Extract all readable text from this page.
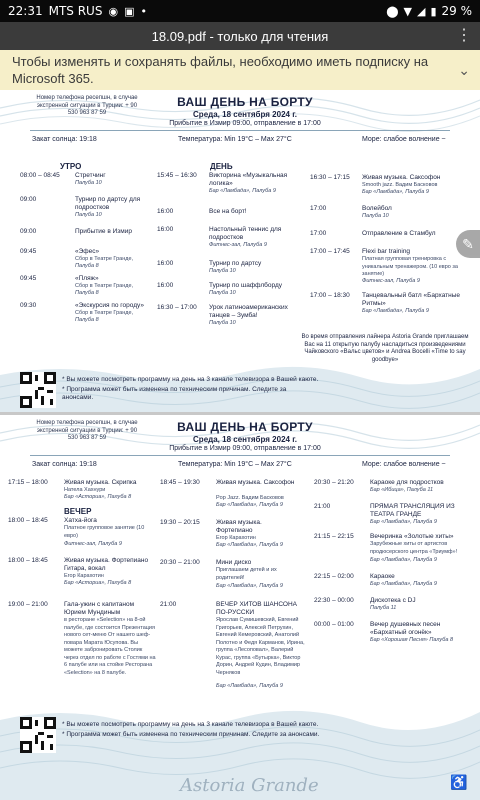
22:31 MTS RUS ◉ ▣ •	⬤ ▼ ◢ ▮ 29 %
18.09.pdf - только для чтения	⋮
Чтобы изменять и сохранять файлы, необходимо иметь подписку на Microsoft 365.
⌄
Номер телефона ресепшн, в случае экстренной ситуации в Турции: + 90 530 963 87 59
ВАШ ДЕНЬ НА БОРТУ
Среда, 18 сентября 2024 г.
Прибытие в Измир 09:00, отправление в 17:00
Закат солнца: 19:18	Температура: Min 19°C – Max 27°C	Море: слабое волнение ~
УТРО
08:00 – 08:45 Стретчинг
Палуба 10
09:00	Турнир по дартсу для подростков
Палуба 10
09:00	Прибытие в Измир
09:45	«Эфес»
Сбор в Театре Гранде,
Палуба 8
09:45	«Пляж»
Сбор в Театре Гранде,
Палуба 8
09:30	«Экскурсия по городу»
Сбор в Театре Гранде,
Палуба 8
ДЕНЬ
15:45 – 16:30 Викторина «Музыкальная логика»
Бар «Ламбада», Палуба 9
16:00	Все на борт!
16:00	Настольный теннис для подростков
Фитнес-зал, Палуба 9
16:00	Турнир по дартсу
Палуба 10
16:00	Турнир по шаффлборду
Палуба 10
16:30 – 17:00 Урок латиноамериканских танцев – Зумба!
Палуба 10
16:30 – 17:15 Живая музыка. Саксофон
Smooth jazz. Вадим Басковов
Бар «Ламбада», Палуба 9
17:00	Волейбол
Палуба 10
17:00	Отправление в Стамбул
17:00 – 17:45 Flexi bar training
Платная групповая тренировка с уникальным тренажером. (10 евро за занятие)
Фитнес-зал, Палуба 9
17:00 – 18:30 Танцевальный батл «Бархатные Ритмы»
Бар «Ламбада», Палуба 9
Во время отправления лайнера Astoria Grande приглашаем Вас на 11 открытую палубу насладиться произведениями Чайковского «Вальс цветов» и Andrea Bocelli «Time to say goodbye»
* Вы можете посмотреть программу на день на 3 канале телевизора в Вашей каюте.
* Программа может быть изменена по техническим причинам. Следите за анонсами.
Номер телефона ресепшн, в случае экстренной ситуации в Турции: + 90 530 963 87 59
ВАШ ДЕНЬ НА БОРТУ
Среда, 18 сентября 2024 г.
Прибытие в Измир 09:00, отправление в 17:00
Закат солнца: 19:18	Температура: Min 19°C – Max 27°C	Море: слабое волнение ~
17:15 – 18:00 Живая музыка. Скрипка
Натела Хахнури
Бар «Асториа», Палуба 8
ВЕЧЕР
18:00 – 18:45 Хатха-йога
Платное групповое занятие (10 евро)
Фитнес-зал, Палуба 9
18:00 – 18:45 Живая музыка. Фортепиано Гитара, вокал
Егор Карахотин
Бар «Асториа», Палуба 8
19:00 – 21:00 Гала-ужин с капитаном Юрием Мундиным
в ресторане «Selection» на 8-ой палубе, где состоится Презентация нового сет-меню От нашего шеф-повара Марата Юсупова. Вы можете забронировать Столик через отдел по работе с Гостями на 6 палубе или на стойке Ресторана «Selection» на 8 палубе.
18:45 – 19:30 Живая музыка. Саксофон
Pop Jazz. Вадим Басковов
Бар «Ламбада», Палуба 9
19:30 – 20:15 Живая музыка. Фортепиано
Егор Карахотин
Бар «Ламбада», Палуба 9
20:30 – 21:00 Мини диско
Приглашаем детей и их родителей!
Бар «Ламбада», Палуба 9
21:00	ВЕЧЕР ХИТОВ ШАНСОНА ПО-РУССКИ
Ярослав Сумишевский, Евгений Григорьев, Алексей Петрухин, Евгений Кемеровский, Анатолий Полотно и Федя Карманов, Ирина, группа «Лесоповал», Валерий Курас, группа «Бутырка», Виктор Дорин, Андрей Кудин, Владимир Черняков
Бар «Ламбада», Палуба 9
20:30 – 21:20 Караоке для подростков
Бар «Ибица», Палуба 11
21:00	ПРЯМАЯ ТРАНСЛЯЦИЯ ИЗ ТЕАТРА ГРАНДЕ
Бар «Ламбада», Палуба 9
21:15 – 22:15 Вечеринка «Золотые хиты»
Зарубежные хиты от артистов продюсерского центра «Триумф»!
Бар «Ламбада», Палуба 9
22:15 – 02:00 Караоке
Бар «Ламбада», Палуба 9
22:30 – 00:00 Дискотека с DJ
Палуба 11
00:00 – 01:00 Вечер душевных песен «Бархатный огонёк»
Бар «Хорошая Песня» Палуба 8
* Вы можете посмотреть программу на день на 3 канале телевизора в Вашей каюте.
* Программа может быть изменена по техническим причинам. Следите за анонсами.
Astoria Grande
✎
♿
